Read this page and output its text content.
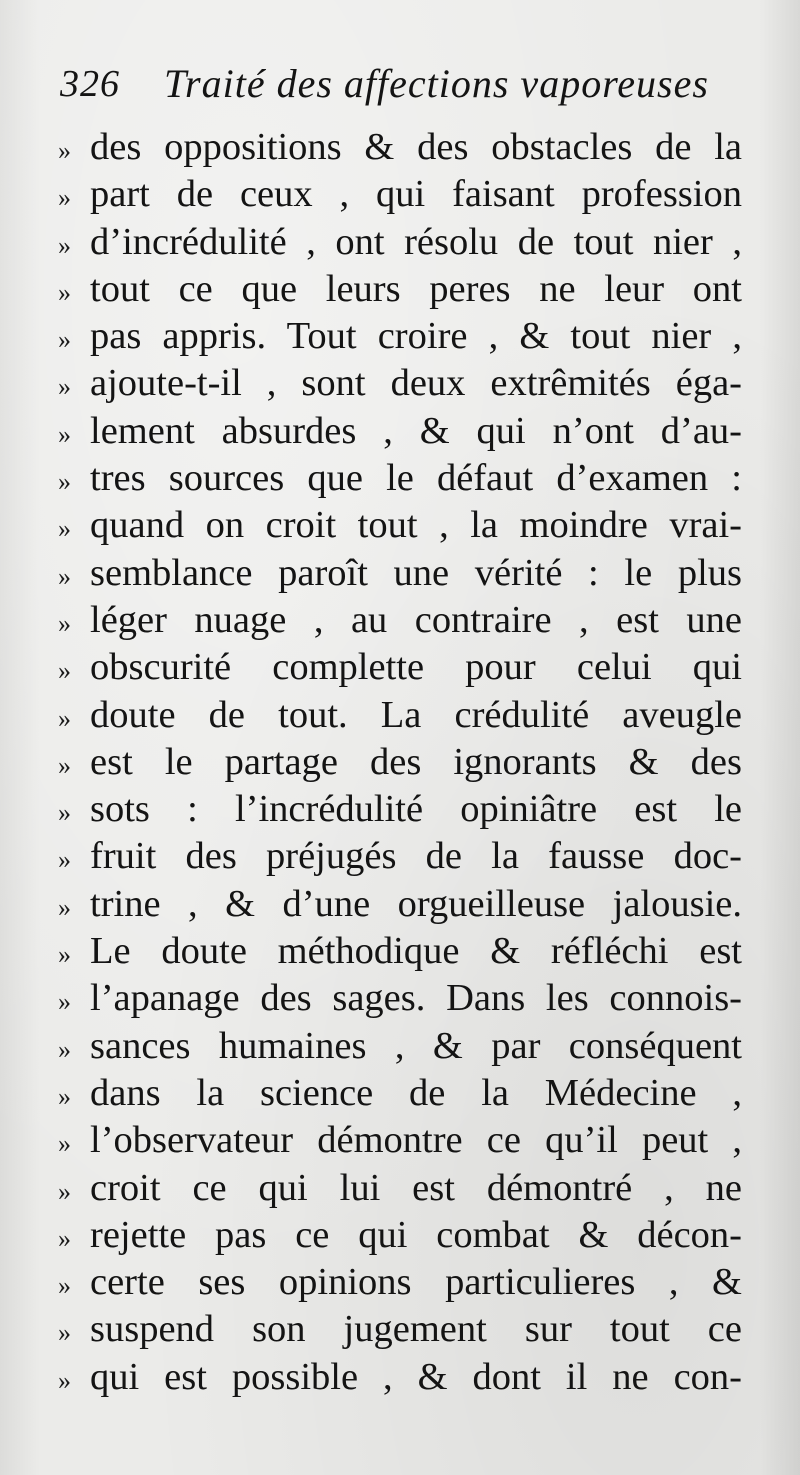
326 Traité des affections vaporeuses
» des oppositions & des obstacles de la
» part de ceux , qui faisant profession
» d’incrédulité , ont résolu de tout nier ,
» tout ce que leurs peres ne leur ont
» pas appris. Tout croire , & tout nier ,
» ajoute-t-il , sont deux extrêmités éga-
» lement absurdes , & qui n’ont d’au-
» tres sources que le défaut d’examen :
» quand on croit tout , la moindre vrai-
» semblance paroît une vérité : le plus
» léger nuage , au contraire , est une
» obscurité complette pour celui qui
» doute de tout. La crédulité aveugle
» est le partage des ignorants & des
» sots : l’incrédulité opiniâtre est le
» fruit des préjugés de la fausse doc-
» trine , & d’une orgueilleuse jalousie.
» Le doute méthodique & réfléchi est
» l’apanage des sages. Dans les connois-
» sances humaines , & par conséquent
» dans la science de la Médecine ,
» l’observateur démontre ce qu’il peut ,
» croit ce qui lui est démontré , ne
» rejette pas ce qui combat & décon-
» certe ses opinions particulieres , &
» suspend son jugement sur tout ce
» qui est possible , & dont il ne con-
